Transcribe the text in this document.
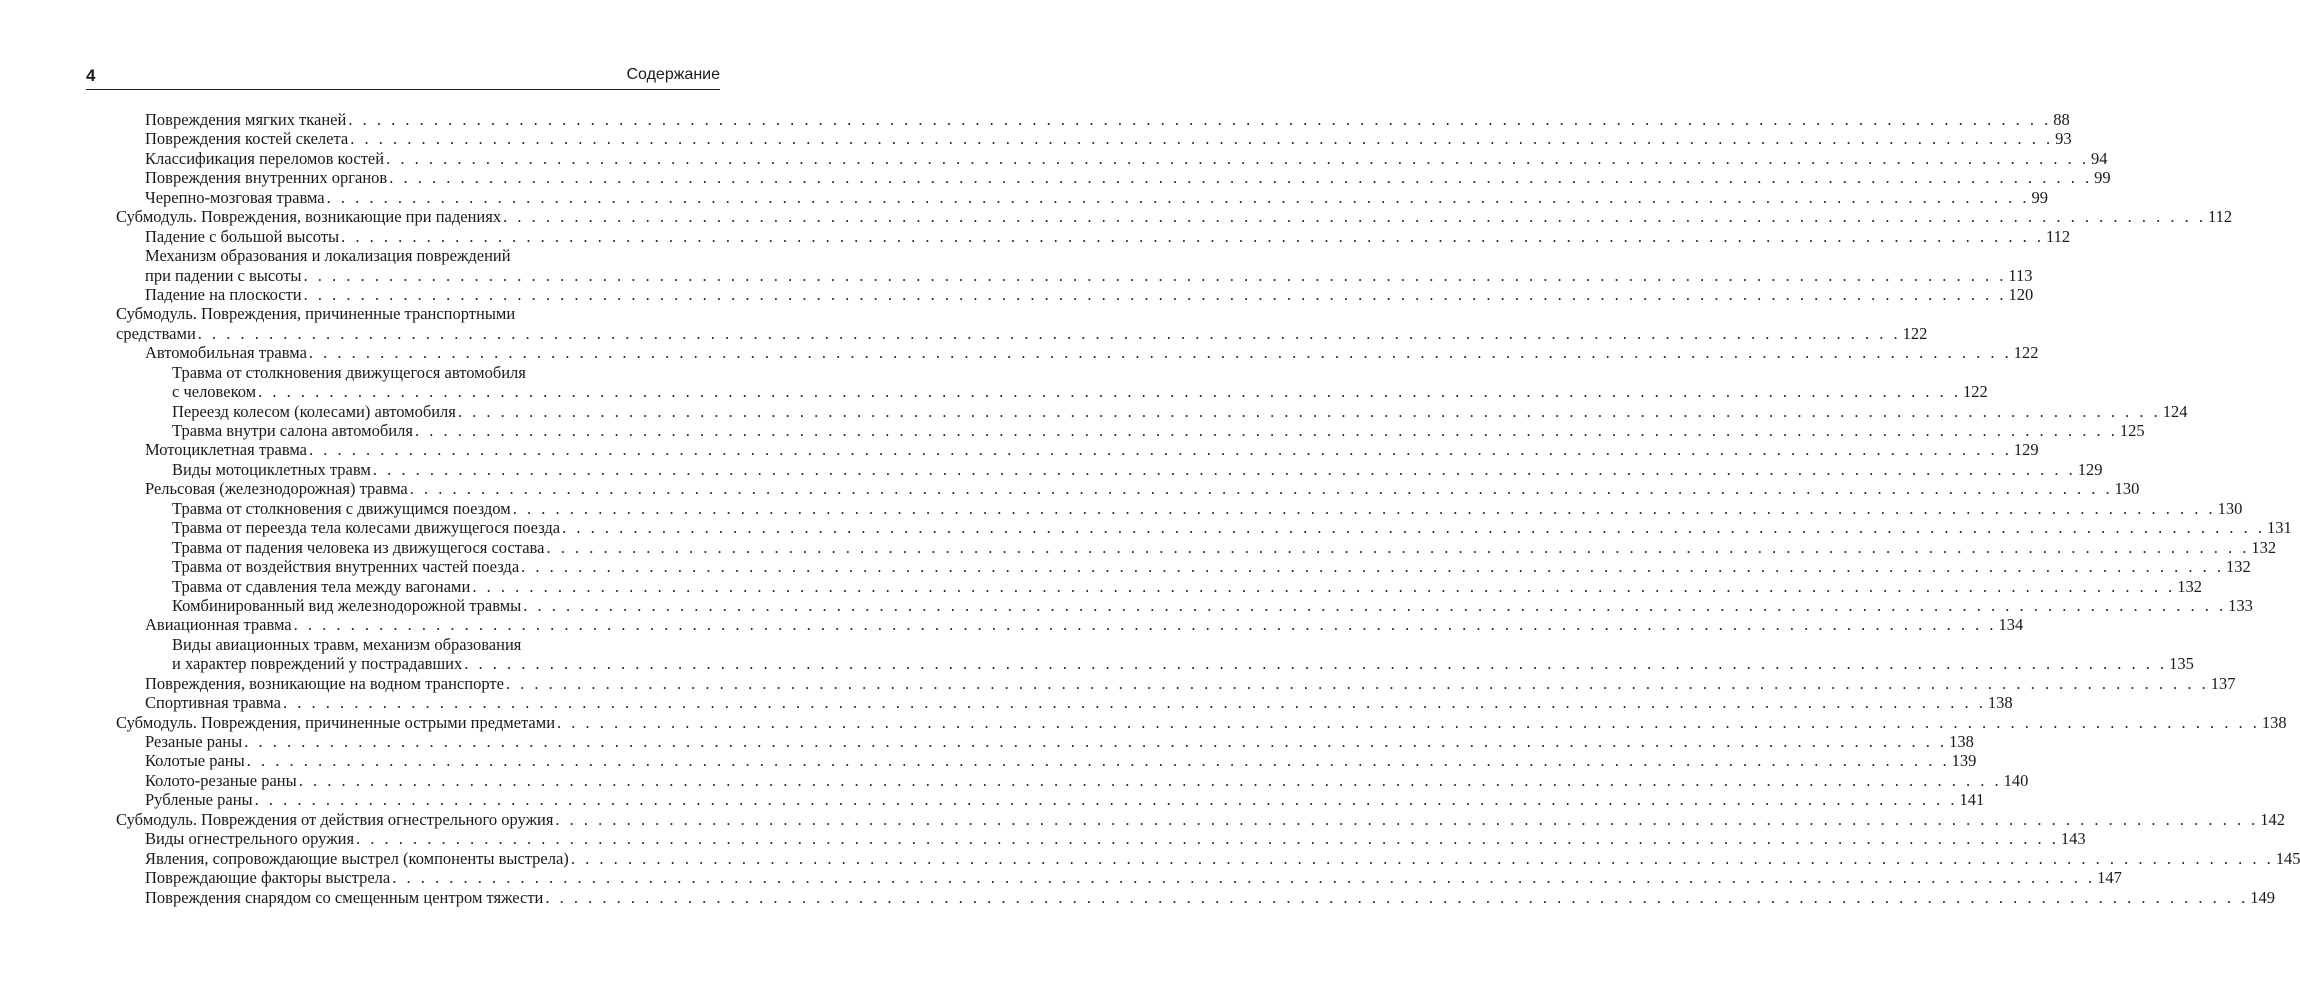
4	Содержание
Повреждения мягких тканей . . . . . . . . . . . . . . . . . . . . . . . . . . . . . . . . . . . . . . . . . . . . . . . . . . . . . . . . . . . . . . . . . . . . . . . . . . . . . . . . . . . . . . . . . . . . . . . . . . . . . . . . . . . . . . . . . . . . . . . . 88
Повреждения костей скелета . . . . . . . . . . . . . . . . . . . . . . . . . . . . . . . . . . . . . . . . . . . . . . . . . . . . . . . . . . . . . . . . . . . . . . . . . . . . . . . . . . . . . . . . . . . . . . . . . . . . . . . . . . . . . . . . . . . . . . . . 93
Классификация переломов костей . . . . . . . . . . . . . . . . . . . . . . . . . . . . . . . . . . . . . . . . . . . . . . . . . . . . . . . . . . . . . . . . . . . . . . . . . . . . . . . . . . . . . . . . . . . . . . . . . . . . . . . . . . . . . . . . . . . . . . . . 94
Повреждения внутренних органов . . . . . . . . . . . . . . . . . . . . . . . . . . . . . . . . . . . . . . . . . . . . . . . . . . . . . . . . . . . . . . . . . . . . . . . . . . . . . . . . . . . . . . . . . . . . . . . . . . . . . . . . . . . . . . . . . . . . . . . . 99
Черепно-мозговая травма . . . . . . . . . . . . . . . . . . . . . . . . . . . . . . . . . . . . . . . . . . . . . . . . . . . . . . . . . . . . . . . . . . . . . . . . . . . . . . . . . . . . . . . . . . . . . . . . . . . . . . . . . . . . . . . . . . . . . . . . 99
Субмодуль. Повреждения, возникающие при падениях . . . . . . . . . . . . . . . . . . . . . . . . . . . . . . . . . . . . . . . . . . . . . . . . . . . . . . . . . . . . . . . . . . . . . . . . . . . . . . . . . . . . . . . . . . . . . . . . . . . . . . . . . . . . . . . . . . . . . . . . 112
Падение с большой высоты . . . . . . . . . . . . . . . . . . . . . . . . . . . . . . . . . . . . . . . . . . . . . . . . . . . . . . . . . . . . . . . . . . . . . . . . . . . . . . . . . . . . . . . . . . . . . . . . . . . . . . . . . . . . . . . . . . . . . . . . 112
Механизм образования и локализация повреждений
при падении с высоты . . . . . . . . . . . . . . . . . . . . . . . . . . . . . . . . . . . . . . . . . . . . . . . . . . . . . . . . . . . . . . . . . . . . . . . . . . . . . . . . . . . . . . . . . . . . . . . . . . . . . . . . . . . . . . . . . . . . . . . . 113
Падение на плоскости . . . . . . . . . . . . . . . . . . . . . . . . . . . . . . . . . . . . . . . . . . . . . . . . . . . . . . . . . . . . . . . . . . . . . . . . . . . . . . . . . . . . . . . . . . . . . . . . . . . . . . . . . . . . . . . . . . . . . . . . 120
Субмодуль. Повреждения, причиненные транспортными
средствами . . . . . . . . . . . . . . . . . . . . . . . . . . . . . . . . . . . . . . . . . . . . . . . . . . . . . . . . . . . . . . . . . . . . . . . . . . . . . . . . . . . . . . . . . . . . . . . . . . . . . . . . . . . . . . . . . . . . . . . . 122
Автомобильная травма . . . . . . . . . . . . . . . . . . . . . . . . . . . . . . . . . . . . . . . . . . . . . . . . . . . . . . . . . . . . . . . . . . . . . . . . . . . . . . . . . . . . . . . . . . . . . . . . . . . . . . . . . . . . . . . . . . . . . . . . 122
Травма от столкновения движущегося автомобиля
с человеком . . . . . . . . . . . . . . . . . . . . . . . . . . . . . . . . . . . . . . . . . . . . . . . . . . . . . . . . . . . . . . . . . . . . . . . . . . . . . . . . . . . . . . . . . . . . . . . . . . . . . . . . . . . . . . . . . . . . . . . . 122
Переезд колесом (колесами) автомобиля . . . . . . . . . . . . . . . . . . . . . . . . . . . . . . . . . . . . . . . . . . . . . . . . . . . . . . . . . . . . . . . . . . . . . . . . . . . . . . . . . . . . . . . . . . . . . . . . . . . . . . . . . . . . . . . . . . . . . . . . 124
Травма внутри салона автомобиля . . . . . . . . . . . . . . . . . . . . . . . . . . . . . . . . . . . . . . . . . . . . . . . . . . . . . . . . . . . . . . . . . . . . . . . . . . . . . . . . . . . . . . . . . . . . . . . . . . . . . . . . . . . . . . . . . . . . . . . . 125
Мотоциклетная травма . . . . . . . . . . . . . . . . . . . . . . . . . . . . . . . . . . . . . . . . . . . . . . . . . . . . . . . . . . . . . . . . . . . . . . . . . . . . . . . . . . . . . . . . . . . . . . . . . . . . . . . . . . . . . . . . . . . . . . . . 129
Виды мотоциклетных травм . . . . . . . . . . . . . . . . . . . . . . . . . . . . . . . . . . . . . . . . . . . . . . . . . . . . . . . . . . . . . . . . . . . . . . . . . . . . . . . . . . . . . . . . . . . . . . . . . . . . . . . . . . . . . . . . . . . . . . . . 129
Рельсовая (железнодорожная) травма . . . . . . . . . . . . . . . . . . . . . . . . . . . . . . . . . . . . . . . . . . . . . . . . . . . . . . . . . . . . . . . . . . . . . . . . . . . . . . . . . . . . . . . . . . . . . . . . . . . . . . . . . . . . . . . . . . . . . . . . 130
Травма от столкновения с движущимся поездом . . . . . . . . . . . . . . . . . . . . . . . . . . . . . . . . . . . . . . . . . . . . . . . . . . . . . . . . . . . . . . . . . . . . . . . . . . . . . . . . . . . . . . . . . . . . . . . . . . . . . . . . . . . . . . . . . . . . . . . . 130
Травма от переезда тела колесами движущегося поезда . . . . . . . . . . . . . . . . . . . . . . . . . . . . . . . . . . . . . . . . . . . . . . . . . . . . . . . . . . . . . . . . . . . . . . . . . . . . . . . . . . . . . . . . . . . . . . . . . . . . . . . . . . . . . . . . . . . . . . . . 131
Травма от падения человека из движущегося состава . . . . . . . . . . . . . . . . . . . . . . . . . . . . . . . . . . . . . . . . . . . . . . . . . . . . . . . . . . . . . . . . . . . . . . . . . . . . . . . . . . . . . . . . . . . . . . . . . . . . . . . . . . . . . . . . . . . . . . . . 132
Травма от воздействия внутренних частей поезда . . . . . . . . . . . . . . . . . . . . . . . . . . . . . . . . . . . . . . . . . . . . . . . . . . . . . . . . . . . . . . . . . . . . . . . . . . . . . . . . . . . . . . . . . . . . . . . . . . . . . . . . . . . . . . . . . . . . . . . . 132
Травма от сдавления тела между вагонами . . . . . . . . . . . . . . . . . . . . . . . . . . . . . . . . . . . . . . . . . . . . . . . . . . . . . . . . . . . . . . . . . . . . . . . . . . . . . . . . . . . . . . . . . . . . . . . . . . . . . . . . . . . . . . . . . . . . . . . . 132
Комбинированный вид железнодорожной травмы . . . . . . . . . . . . . . . . . . . . . . . . . . . . . . . . . . . . . . . . . . . . . . . . . . . . . . . . . . . . . . . . . . . . . . . . . . . . . . . . . . . . . . . . . . . . . . . . . . . . . . . . . . . . . . . . . . . . . . . . 133
Авиационная травма . . . . . . . . . . . . . . . . . . . . . . . . . . . . . . . . . . . . . . . . . . . . . . . . . . . . . . . . . . . . . . . . . . . . . . . . . . . . . . . . . . . . . . . . . . . . . . . . . . . . . . . . . . . . . . . . . . . . . . . . 134
Виды авиационных травм, механизм образования
и характер повреждений у пострадавших . . . . . . . . . . . . . . . . . . . . . . . . . . . . . . . . . . . . . . . . . . . . . . . . . . . . . . . . . . . . . . . . . . . . . . . . . . . . . . . . . . . . . . . . . . . . . . . . . . . . . . . . . . . . . . . . . . . . . . . . 135
Повреждения, возникающие на водном транспорте . . . . . . . . . . . . . . . . . . . . . . . . . . . . . . . . . . . . . . . . . . . . . . . . . . . . . . . . . . . . . . . . . . . . . . . . . . . . . . . . . . . . . . . . . . . . . . . . . . . . . . . . . . . . . . . . . . . . . . . . 137
Спортивная травма . . . . . . . . . . . . . . . . . . . . . . . . . . . . . . . . . . . . . . . . . . . . . . . . . . . . . . . . . . . . . . . . . . . . . . . . . . . . . . . . . . . . . . . . . . . . . . . . . . . . . . . . . . . . . . . . . . . . . . . . 138
Субмодуль. Повреждения, причиненные острыми предметами . . . . . . . . . . . . . . . . . . . . . . . . . . . . . . . . . . . . . . . . . . . . . . . . . . . . . . . . . . . . . . . . . . . . . . . . . . . . . . . . . . . . . . . . . . . . . . . . . . . . . . . . . . . . . . . . . . . . . . . . 138
Резаные раны . . . . . . . . . . . . . . . . . . . . . . . . . . . . . . . . . . . . . . . . . . . . . . . . . . . . . . . . . . . . . . . . . . . . . . . . . . . . . . . . . . . . . . . . . . . . . . . . . . . . . . . . . . . . . . . . . . . . . . . . 138
Колотые раны . . . . . . . . . . . . . . . . . . . . . . . . . . . . . . . . . . . . . . . . . . . . . . . . . . . . . . . . . . . . . . . . . . . . . . . . . . . . . . . . . . . . . . . . . . . . . . . . . . . . . . . . . . . . . . . . . . . . . . . . 139
Колото-резаные раны . . . . . . . . . . . . . . . . . . . . . . . . . . . . . . . . . . . . . . . . . . . . . . . . . . . . . . . . . . . . . . . . . . . . . . . . . . . . . . . . . . . . . . . . . . . . . . . . . . . . . . . . . . . . . . . . . . . . . . . . 140
Рубленые раны . . . . . . . . . . . . . . . . . . . . . . . . . . . . . . . . . . . . . . . . . . . . . . . . . . . . . . . . . . . . . . . . . . . . . . . . . . . . . . . . . . . . . . . . . . . . . . . . . . . . . . . . . . . . . . . . . . . . . . . . 141
Субмодуль. Повреждения от действия огнестрельного оружия . . . . . . . . . . . . . . . . . . . . . . . . . . . . . . . . . . . . . . . . . . . . . . . . . . . . . . . . . . . . . . . . . . . . . . . . . . . . . . . . . . . . . . . . . . . . . . . . . . . . . . . . . . . . . . . . . . . . . . . . 142
Виды огнестрельного оружия . . . . . . . . . . . . . . . . . . . . . . . . . . . . . . . . . . . . . . . . . . . . . . . . . . . . . . . . . . . . . . . . . . . . . . . . . . . . . . . . . . . . . . . . . . . . . . . . . . . . . . . . . . . . . . . . . . . . . . . . 143
Явления, сопровождающие выстрел (компоненты выстрела) . . . . . . . . . . . . . . . . . . . . . . . . . . . . . . . . . . . . . . . . . . . . . . . . . . . . . . . . . . . . . . . . . . . . . . . . . . . . . . . . . . . . . . . . . . . . . . . . . . . . . . . . . . . . . . . . . . . . . . . . 145
Повреждающие факторы выстрела . . . . . . . . . . . . . . . . . . . . . . . . . . . . . . . . . . . . . . . . . . . . . . . . . . . . . . . . . . . . . . . . . . . . . . . . . . . . . . . . . . . . . . . . . . . . . . . . . . . . . . . . . . . . . . . . . . . . . . . . 147
Повреждения снарядом со смещенным центром тяжести . . . . . . . . . . . . . . . . . . . . . . . . . . . . . . . . . . . . . . . . . . . . . . . . . . . . . . . . . . . . . . . . . . . . . . . . . . . . . . . . . . . . . . . . . . . . . . . . . . . . . . . . . . . . . . . . . . . . . . . . 149
